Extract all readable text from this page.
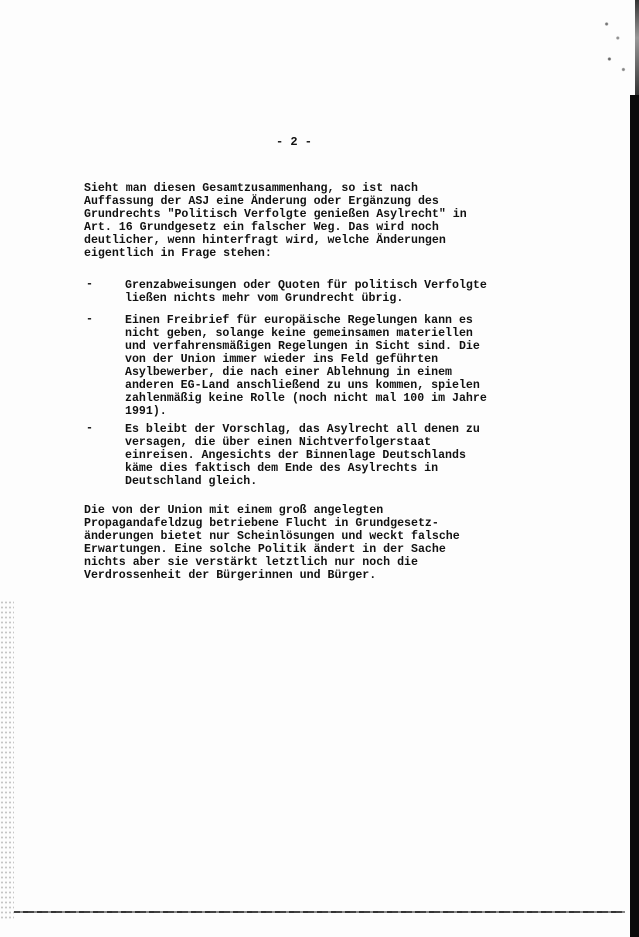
- 2 -
Sieht man diesen Gesamtzusammenhang, so ist nach
Auffassung der ASJ eine Änderung oder Ergänzung des
Grundrechts "Politisch Verfolgte genießen Asylrecht" in
Art. 16 Grundgesetz ein falscher Weg. Das wird noch
deutlicher, wenn hinterfragt wird, welche Änderungen
eigentlich in Frage stehen:
-	Grenzabweisungen oder Quoten für politisch Verfolgte
ließen nichts mehr vom Grundrecht übrig.
-	Einen Freibrief für europäische Regelungen kann es
nicht geben, solange keine gemeinsamen materiellen
und verfahrensmäßigen Regelungen in Sicht sind. Die
von der Union immer wieder ins Feld geführten
Asylbewerber, die nach einer Ablehnung in einem
anderen EG-Land anschließend zu uns kommen, spielen
zahlenmäßig keine Rolle (noch nicht mal 100 im Jahre
1991).
-	Es bleibt der Vorschlag, das Asylrecht all denen zu
versagen, die über einen Nichtverfolgerstaat
einreisen. Angesichts der Binnenlage Deutschlands
käme dies faktisch dem Ende des Asylrechts in
Deutschland gleich.
Die von der Union mit einem groß angelegten
Propagandafeldzug betriebene Flucht in Grundgesetz-
änderungen bietet nur Scheinlösungen und weckt falsche
Erwartungen. Eine solche Politik ändert in der Sache
nichts aber sie verstärkt letztlich nur noch die
Verdrossenheit der Bürgerinnen und Bürger.
